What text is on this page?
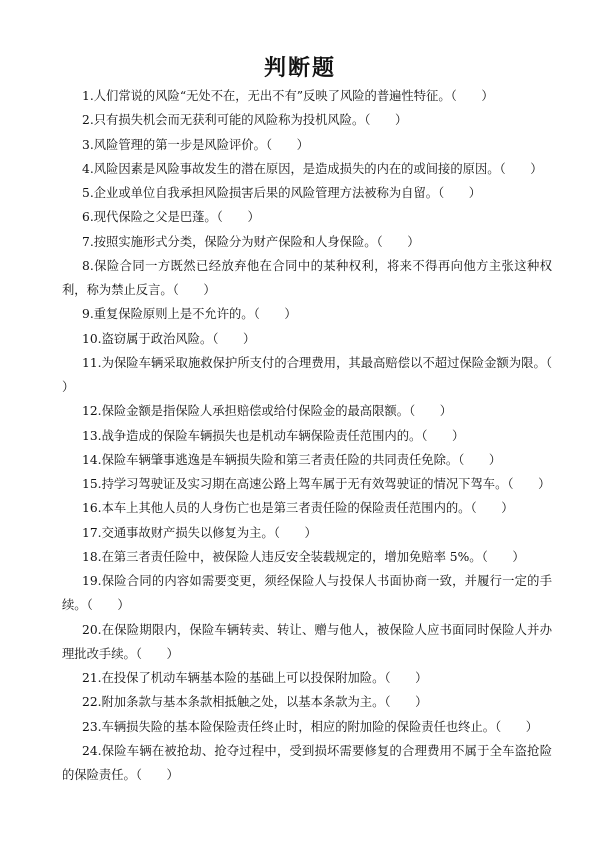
判断题
1.人们常说的风险“无处不在，无出不有”反映了风险的普遍性特征。（　　）
2.只有损失机会而无获利可能的风险称为投机风险。（　　）
3.风险管理的第一步是风险评价。（　　）
4.风险因素是风险事故发生的潜在原因，是造成损失的内在的或间接的原因。（　　）
5.企业或单位自我承担风险损害后果的风险管理方法被称为自留。（　　）
6.现代保险之父是巴蓬。（　　）
7.按照实施形式分类，保险分为财产保险和人身保险。（　　）
8.保险合同一方既然已经放弃他在合同中的某种权利，将来不得再向他方主张这种权利，称为禁止反言。（　　）
9.重复保险原则上是不允许的。（　　）
10.盗窃属于政治风险。（　　）
11.为保险车辆采取施救保护所支付的合理费用，其最高赔偿以不超过保险金额为限。（　　）
12.保险金额是指保险人承担赔偿或给付保险金的最高限额。（　　）
13.战争造成的保险车辆损失也是机动车辆保险责任范围内的。（　　）
14.保险车辆肇事逃逸是车辆损失险和第三者责任险的共同责任免除。（　　）
15.持学习驾驶证及实习期在高速公路上驾车属于无有效驾驶证的情况下驾车。（　　）
16.本车上其他人员的人身伤亡也是第三者责任险的保险责任范围内的。（　　）
17.交通事故财产损失以修复为主。（　　）
18.在第三者责任险中，被保险人违反安全装载规定的，增加免赔率 5%。（　　）
19.保险合同的内容如需要变更，须经保险人与投保人书面协商一致，并履行一定的手续。（　　）
20.在保险期限内，保险车辆转卖、转让、赠与他人，被保险人应书面同时保险人并办理批改手续。（　　）
21.在投保了机动车辆基本险的基础上可以投保附加险。（　　）
22.附加条款与基本条款相抵触之处，以基本条款为主。（　　）
23.车辆损失险的基本险保险责任终止时，相应的附加险的保险责任也终止。（　　）
24.保险车辆在被抢劫、抢夺过程中，受到损坏需要修复的合理费用不属于全车盗抢险的保险责任。（　　）
